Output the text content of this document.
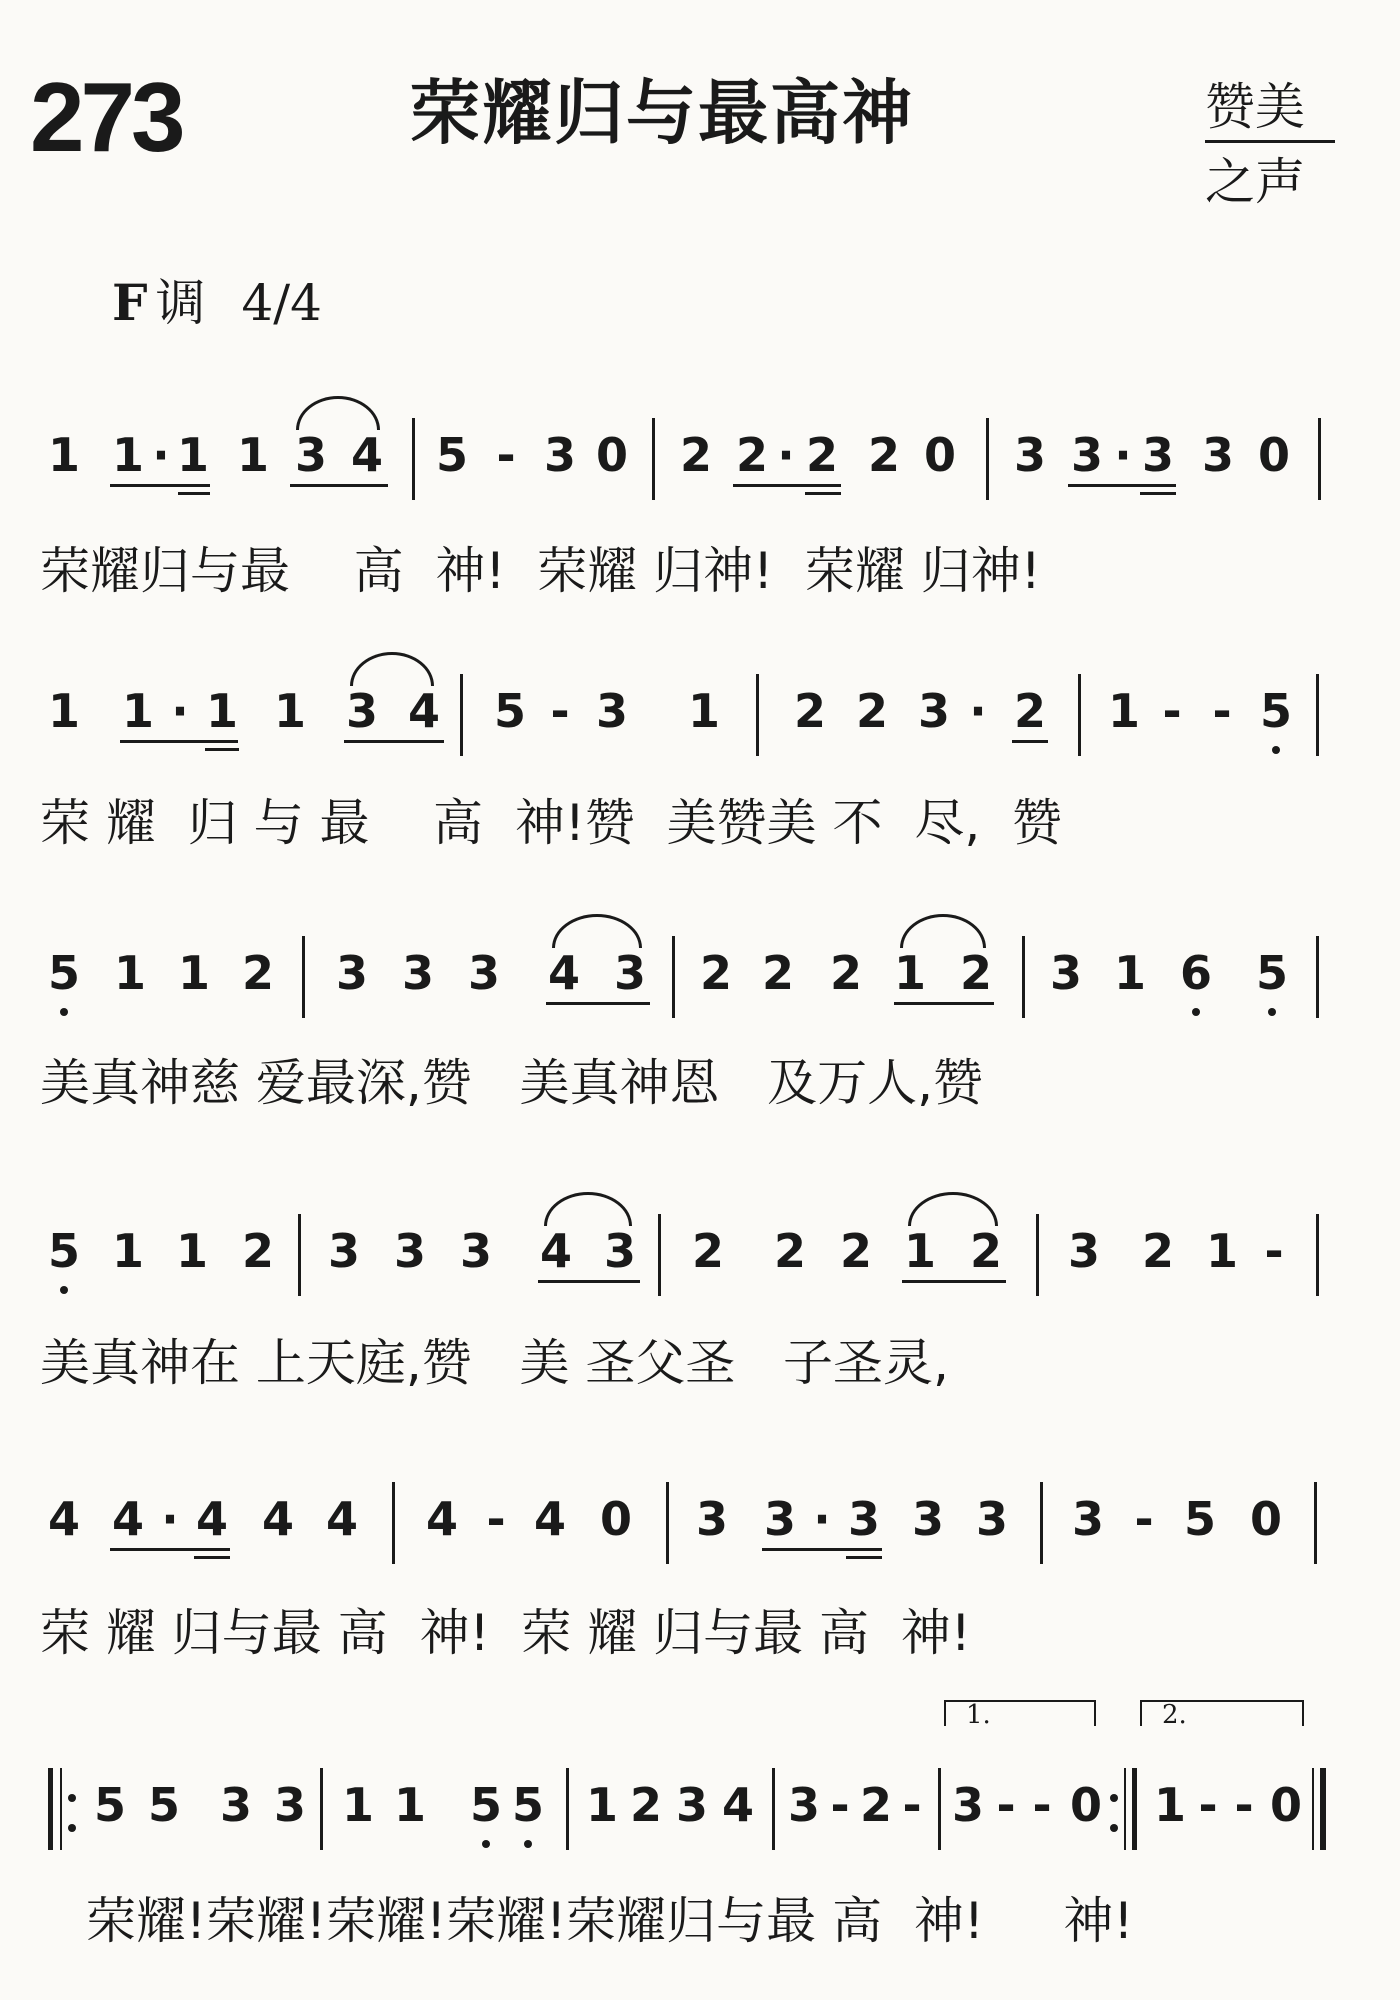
273	荣耀归与最高神	赞美
之声
F 调 4/4
1 1 · 1 1 3 4 5 - 3 0 2 2 · 2 2 0 3 3 · 3 3 0
荣耀归与最    高  神!  荣耀 归神!  荣耀 归神!
1 1 · 1 1 3 4 5 - 3 1 2 2 3 · 2 1 - - 5
荣 耀  归 与 最    高  神!赞  美赞美 不  尽,  赞
5 1 1 2 3 3 3 4 3 2 2 2 1 2 3 1 6 5
美真神慈 爱最深,赞   美真神恩   及万人,赞
5 1 1 2 3 3 3 4 3 2 2 2 1 2 3 2 1 -
美真神在 上天庭,赞   美 圣父圣   子圣灵,
4 4 · 4 4 4 4 - 4 0 3 3 · 3 3 3 3 - 5 0
荣 耀 归与最 高  神!  荣 耀 归与最 高  神!
5 5 3 3 1 1 5 5 1 2 3 4 3 - 2 -
1.
3 - - 0
2.
1 - - 0
荣耀!荣耀!荣耀!荣耀!荣耀归与最 高  神!     神!
